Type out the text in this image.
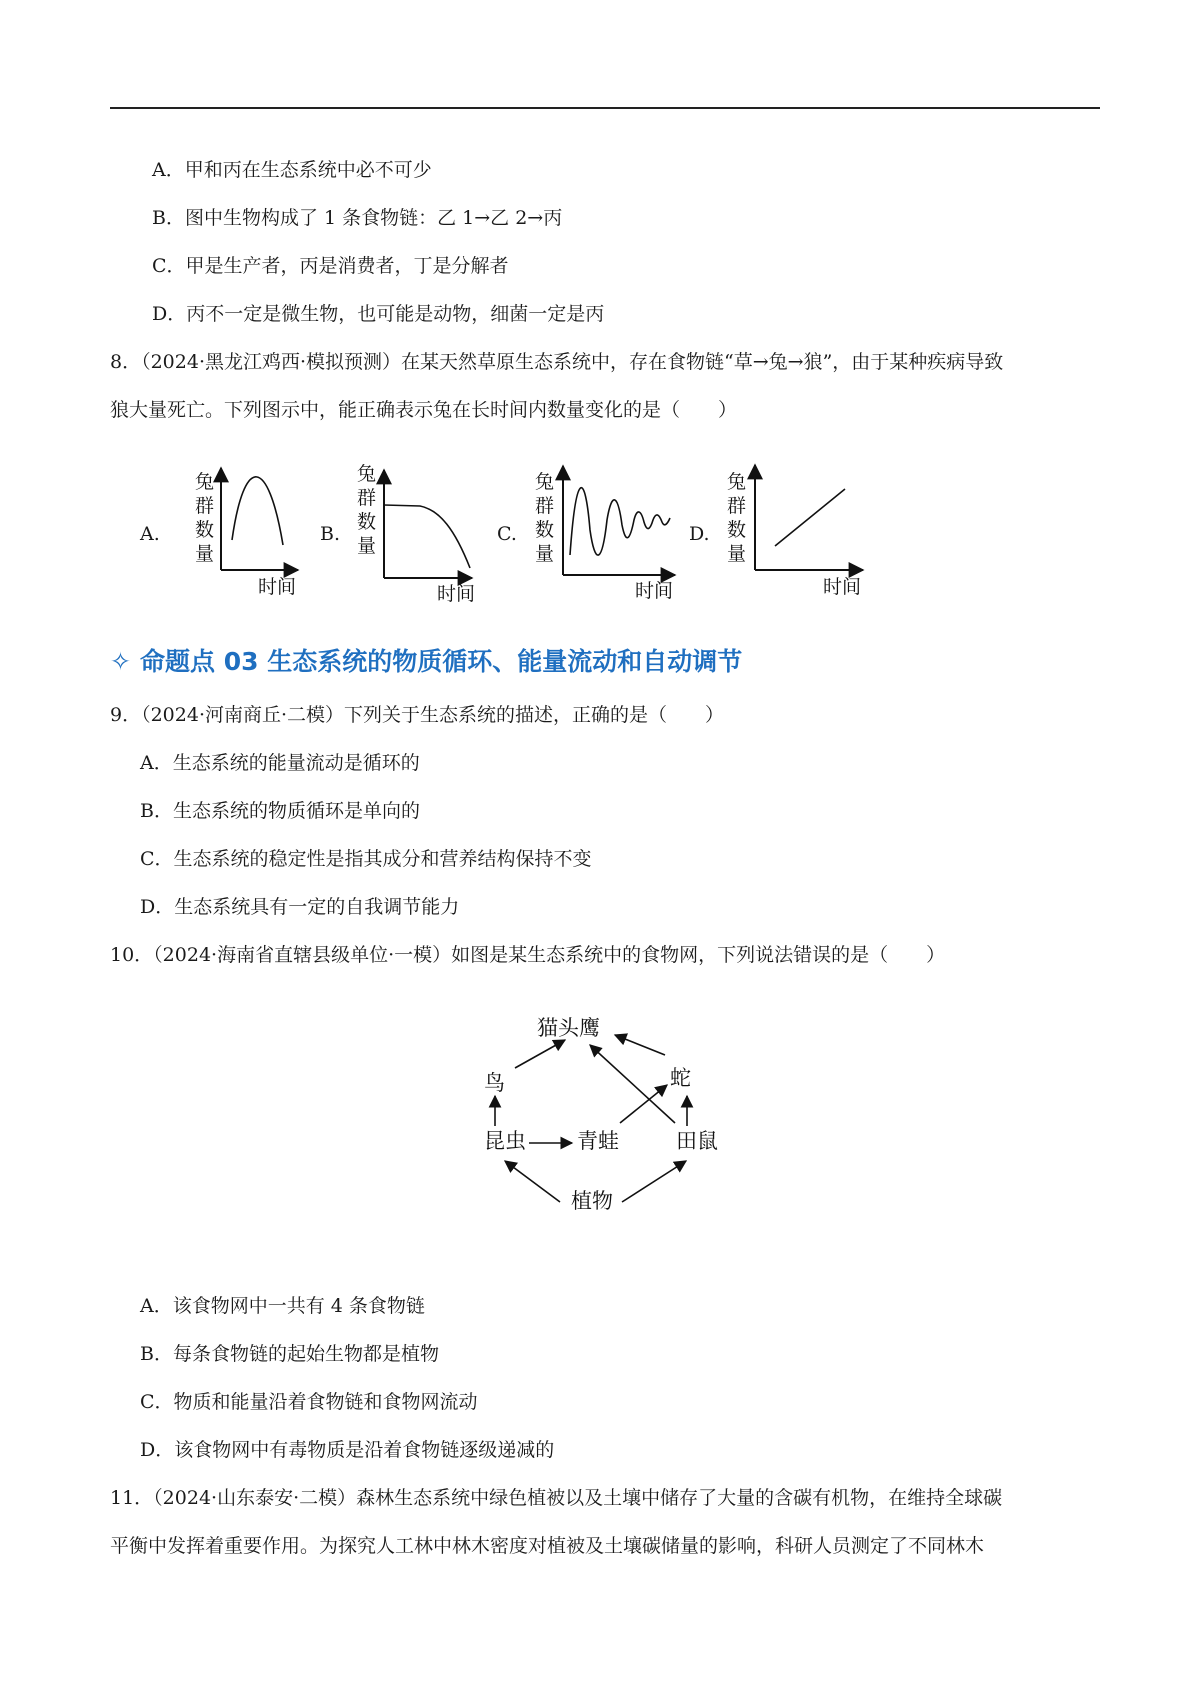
A．甲和丙在生态系统中必不可少
B．图中生物构成了 1 条食物链：乙 1→乙 2→丙
C．甲是生产者，丙是消费者，丁是分解者
D．丙不一定是微生物，也可能是动物，细菌一定是丙
8．（2024·黑龙江鸡西·模拟预测）在某天然草原生态系统中，存在食物链“草→兔→狼”，由于某种疾病导致
狼大量死亡。下列图示中，能正确表示兔在长时间内数量变化的是（　　）
A.	B.	C.	D.
兔
群
数
量
时间
兔
群
数
量
时间
兔
群
数
量
时间
兔
群
数
量
时间
✧ 命题点 03 生态系统的物质循环、能量流动和自动调节
9．（2024·河南商丘·二模）下列关于生态系统的描述，正确的是（　　）
A．生态系统的能量流动是循环的
B．生态系统的物质循环是单向的
C．生态系统的稳定性是指其成分和营养结构保持不变
D．生态系统具有一定的自我调节能力
10．（2024·海南省直辖县级单位·一模）如图是某生态系统中的食物网，下列说法错误的是（　　）
猫头鹰
鸟	蛇
昆虫 青蛙	田鼠
植物
A．该食物网中一共有 4 条食物链
B．每条食物链的起始生物都是植物
C．物质和能量沿着食物链和食物网流动
D．该食物网中有毒物质是沿着食物链逐级递减的
11．（2024·山东泰安·二模）森林生态系统中绿色植被以及土壤中储存了大量的含碳有机物，在维持全球碳
平衡中发挥着重要作用。为探究人工林中林木密度对植被及土壤碳储量的影响，科研人员测定了不同林木
